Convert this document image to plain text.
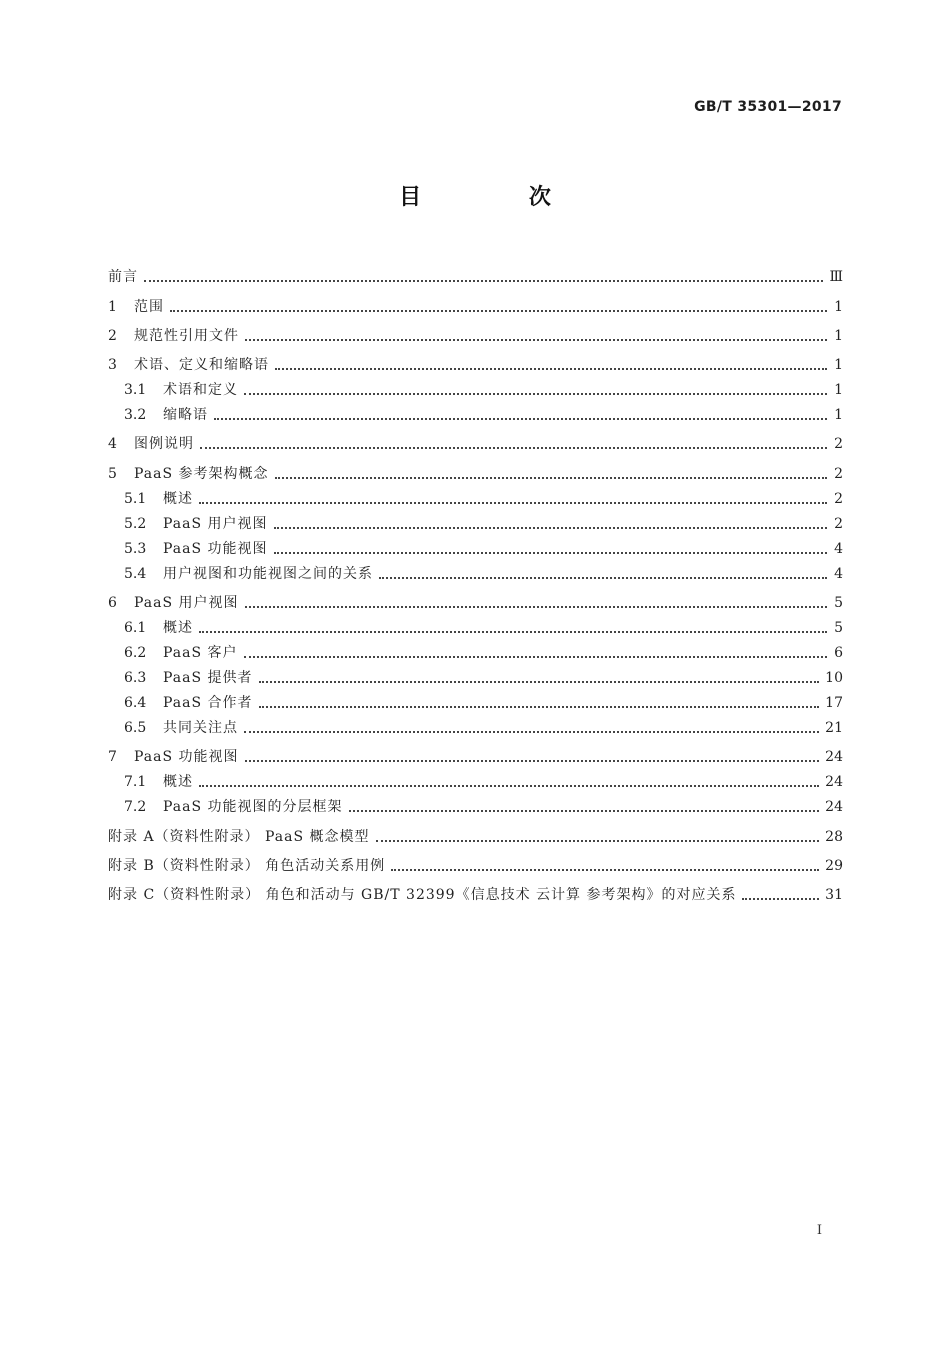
GB/T 35301—2017
目 次
前言	Ⅲ
1	范围	1
2	规范性引用文件	1
3	术语、定义和缩略语	1
3.1	术语和定义	1
3.2	缩略语	1
4	图例说明	2
5	PaaS 参考架构概念	2
5.1	概述	2
5.2	PaaS 用户视图	2
5.3	PaaS 功能视图	4
5.4	用户视图和功能视图之间的关系	4
6	PaaS 用户视图	5
6.1	概述	5
6.2	PaaS 客户	6
6.3	PaaS 提供者	10
6.4	PaaS 合作者	17
6.5	共同关注点	21
7	PaaS 功能视图	24
7.1	概述	24
7.2	PaaS 功能视图的分层框架	24
附录 A（资料性附录） PaaS 概念模型	28
附录 B（资料性附录） 角色活动关系用例	29
附录 C（资料性附录） 角色和活动与 GB/T 32399《信息技术 云计算 参考架构》的对应关系	31
I
